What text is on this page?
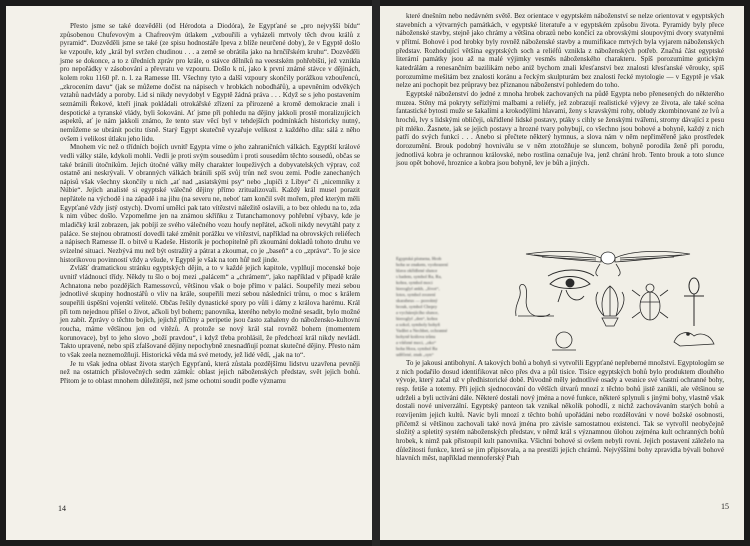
Přesto jsme se také dozvěděli (od Hérodota a Diodóra), že Egypťané se „pro nejvyšší bídu“ způsobenou Chufevovým a Chafreovým útlakem „vzbouřili a vyházeli mrtvoly těch dvou králů z pyramid“. Dozvěděli jsme se také (ze spisu hodnostáře Ipeva z blíže neurčené doby), že v Egyptě došlo ke vzpouře, kdy „král byl svržen chudinou . . . a země se obrátila jako na hrnčířském kruhu“. Dozvěděli jsme se dokonce, a to z úředních zpráv pro krále, o stávce dělníků na veestském pohřebišti, jež vznikla pro nepořádky v zásobování a převratu ve vzpouru. Došlo k ní, jako k první známé stávce v dějinách, kolem roku 1160 př. n. l. za Ramesse III. Všechny tyto a další vzpoury skončily porážkou vzbouřenců, „zkrocením davu“ (jak se můžeme dočíst na nápisech v hrobkách nobodhářů), a upevněním odvěkých vztahů nadvlády a poroby. Lid si nikdy nevydobyl v Egyptě žádná práva . . . Když se s jeho postavením seznámili Řekové, kteří jinak pokládali otrokářské zřízení za přirozené a kromě demokracie znali i despotické a tyranské vlády, byli šokováni. Ať jsme při pohledu na dějiny jakkoli prostě moralizujících aspektů, ať je nám jakkoli známo, že tento stav věcí byl v tehdejších podmínkách historicky nutný, nemůžeme se ubránit pocitu tísně. Starý Egypt skutečně vyzařuje velikost z každého díla: sálá z něho ovšem i velikost útlaku jeho lidu.

Mnohem víc než o třídních bojích uvnitř Egypta víme o jeho zahraničních válkách. Egyptští králové vedli války stále, kdykoli mohli. Vedli je proti svým sousedům i proti sousedům těchto sousedů, občas se také bránili útočníkům. Jejich útočné války měly charakter loupeživých a dobyvatelských výprav, což ostatně ani neskrývali. V obranných válkách bránili spíš svůj trůn než svou zemi. Podle zanechaných nápisů však všechny skončily u nich „ať nad „asiatskými psy“ nebo „lupiči z Libye“ či „nicemníky z Núbie“. Jejich analisté si egyptské válečné dějiny přímo zritualizovali. Každý král musel porazit nepřátele na východě i na západě i na jihu (na severu ne, neboť tam končil svět mořem, před kterým měli Egypťané vždy jistý ostych). Dvorní umělci pak tato vítězství náležitě oslavili, a to bez ohledu na to, zda k nim vůbec došlo. Vzpomeňme jen na známou skříňku z Tutanchamonovy pohřební výbavy, kde je mladičký král zobrazen, jak pobíjí ze svého válečného vozu houfy nepřátel, ačkoli nikdy nevytáhl paty z paláce. Se stejnou obratností dovedli také změnit porážku ve vítězství, například na obrovských reliéfech a nápisech Ramesse II. o bitvě u Kadeše. Historik je pochopitelně při zkoumání dokladů tohoto druhu ve svízelné situaci. Nezbývá mu než být ostražitý a pátrat a zkoumat, co je „baseň“ a co „zpráva“. To je sice historikovou povinností vždy a všude, v Egyptě je však na tom hůř než jinde.

Zvlášť dramatickou stránku egyptských dějin, a to v každé jejich kapitole, vyplňují mocenské boje uvnitř vládnoucí třídy. Někdy tu šlo o boj mezi „palácem“ a „chrámem“, jako například v případě krále Achnatona nebo pozdějších Ramessovců, většinou však o boje přímo v paláci. Soupeřily mezi sebou jednotlivé skupiny hodnostářů o vliv na krále, soupeřili mezi sebou následníci trůnu, o moc s králem soupeřili úspěšní vojenští velitelé. Občas řešily dynastické spory po vůli i dámy z králova harému. Král při tom nejednou přišel o život, ačkoli byl bohem; panovníka, kterého nebylo možné sesadit, bylo možné jen zabít. Zprávy o těchto bojích, jejichž příčiny a peripetie jsou často zahaleny do nábožensko-kultovní roucha, máme většinou jen od vítězů. A protože se nový král stal rovněž bohem (momentem korunovace), byl to jeho slovo „boží pravdou“, i když třeba prohlásil, že předchozí král nikdy nevládl. Takto upravené, nebo spíš zfalšované dějiny nepochybně znesnadňují poznat skutečné dějiny. Přesto nám to však zeela neznemožňují. Historická věda má své metody, jež lidé vědí, „jak na to“.

Je tu však jedna oblast života starých Egypťanů, která zůstala pozdějšímu lidstvu uzavřena pevněji než na ostatních příslovečných sedm zámků: oblast jejich náboženských představ, svět jejich bohů. Přitom je to oblast mnohem důležitější, než jsme ochotni soudit podle významu

14

které dnešním nebo nedávném světě. Bez orientace v egyptském náboženství se nelze orientovat v egyptských stavebních a výtvarných památkách, v egyptské literatuře a v egyptském způsobu života. Pyramidy byly přece náboženské stavby, stejně jako chrámy a většina obrazů nebo končící za obrovskými sloupovými dvory svatyněmi v přítmí. Bohové i pod hrobky byly rovněž náboženské stavby a mumifikace mrtvých byla vyjarem náboženských představ. Rozhodující většina egyptských soch a reliéfů vznikla z náboženských potřeb. Značná část egyptské literární památky jsou až na malé výjimky vesměs náboženského charakteru. Spíš porozumíme gotickým katedrálám a renesančním bazilikám nebo aniž bychom znali křesťanství bez znalosti křesťanské věrouky, spíš porozumíme mešitám bez znalosti koránu a řeckým skulpturám bez znalosti řecké mytologie — v Egyptě je však nelze ani pochopit bez průpravy bez přiznanou náboženství pohledem do toho.

Egyptské náboženství do jedné z mnoha hrobek zachovaných na půdě Egypta nebo přenesených do některého muzea. Stěny má pokryty seřízlými malbami a reliéfy, jež zobrazují realistické výjevy ze života, ale také scéna fantastické bytosti muže se šakalími a krokodýlími hlavami, ženy s kravskými rohy, obludy zkombinované ze lvů a hrochů, lvy s lidskými obličeji, okřídlené lidské postavy, ptáky s cihly se ženskými tvářemi, stromy dávající z pesu pít mléko. Žasnete, jak se jejich postavy a hrozné tvary pohybují, co všechno jsou bohové a bohyně, každý z nich patří do svých funkcí . . . Anebo si přečtete některý hymnus, a slova nám v něm nepřiměřeně jako prostředek dorozumění. Brouk podobný hovniválu se v něm ztotožňuje se sluncem, bohyně porodila ženě při porodu, jednotlivá kobra je ochrannou královské, nebo rostlina označuje lva, jenž chrání hrob. Tento brouk a toto slunce jsou opět bohové, hroznice a kobra jsou bohyně, lev je bůh a jiných.

Egyptská písmena, Hrob
boha se znakem, vyobrazení
hlava okřídlené slunce
s hadem, symbol Ra, Ra,
kobra, symbol moci
hieroglyf ankh, „život“,
lotos, symbol zrození
skarabeus — posvátný
brouk, symbol Chepry
a vycházejícího slunce,
hieroglyf „den“, kobra
a sokol, symboly bohyň
Vadžet a Nechbet, ochranné
bohyně králova trůnu
a vítězné moci, „oko“
boha Hora, symbol Ra
uděčené, znak „syn“

To je jakousi antibohyní. A takových bohů a bohyň si vytvořili Egypťané nepřeberné množství. Egyptologům se z nich podařilo dosud identifikovat něco přes dva a půl tisíce. Tisíce egyptských bohů bylo produktem dlouhého vývoje, který začal už v předhistorické době. Původně měly jednotlivé osady a vesnice své vlastní ochranné bohy, resp. fetiše a totemy. Při jejich sjednocování do větších útvarů mnozí z těchto bohů jistě zanikli, ale většinou se udrželi a byli uctíváni dále. Některé dostali nový jména a nové funkce, některé splynuli s jinými bohy, vlastně však dostali nové univerzální. Egyptský panteon tak vznikal několik pohodlí, z nichž zachovávaním starých bohů a rozvíjením jejich kultů. Navíc byli mnozí z těchto bohů upořádáni nebo rozdělováni v nové božské osobnosti, přičemž si většinou zachovali také nová jména pro závisle samostatnou existenci. Tak se vytvořil neobyčejně složitý a spletitý systém náboženských představ, v němž král s významnou úlohou zejména kult ochranných bohů hrobek, k nimž pak přistoupil kult panovníka. Všichni bohové si ovšem nebyli rovni. Jejich postavení záleželo na důležitosti funkce, která se jim připisovala, a na prestiži jejích chrámů. Nejvýššími bohy zpravidla bývali bohové hlavních měst, například mennoferský Ptah

15
